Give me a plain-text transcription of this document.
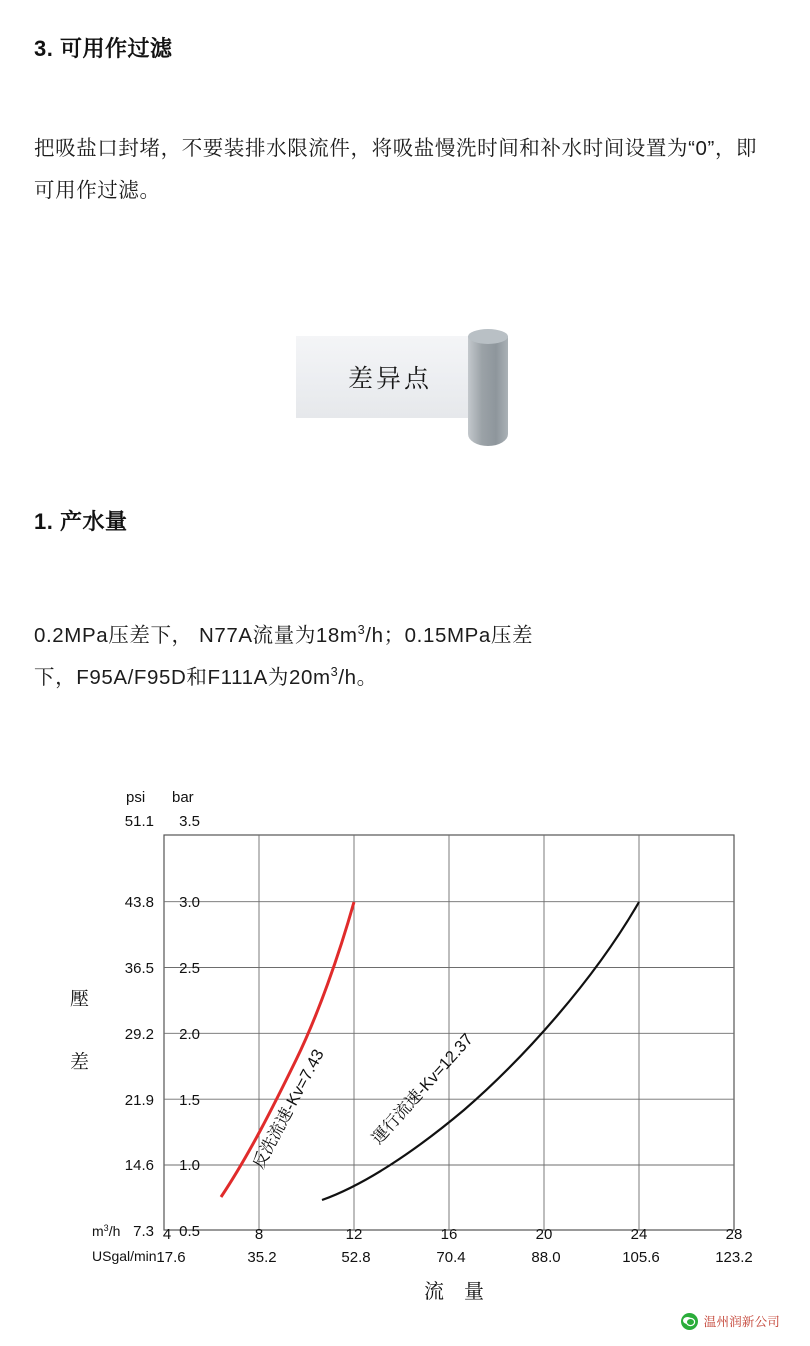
3. 可用作过滤

把吸盐口封堵，不要装排水限流件，将吸盐慢洗时间和补水时间设置为“0”，即可用作过滤。

差异点
1. 产水量

0.2MPa压差下， N77A流量为$18m^3/h$；0.15MPa压差
下，F95A/F95D和F111A为$20m^3/h$。

psi bar
51.1
43.8
36.5
29.2
21.9
14.6
7.3
3.5
3.0
2.5
2.0
1.5
1.0
0.5
壓
差
$m^3/h$
USgal/min
4	8	12	16	20	24	28
17.6	35.2	52.8	70.4	88.0	105.6	123.2
流　量
反洗流速-Kv=7.43 運行流速-Kv=12.37
温州润新公司
